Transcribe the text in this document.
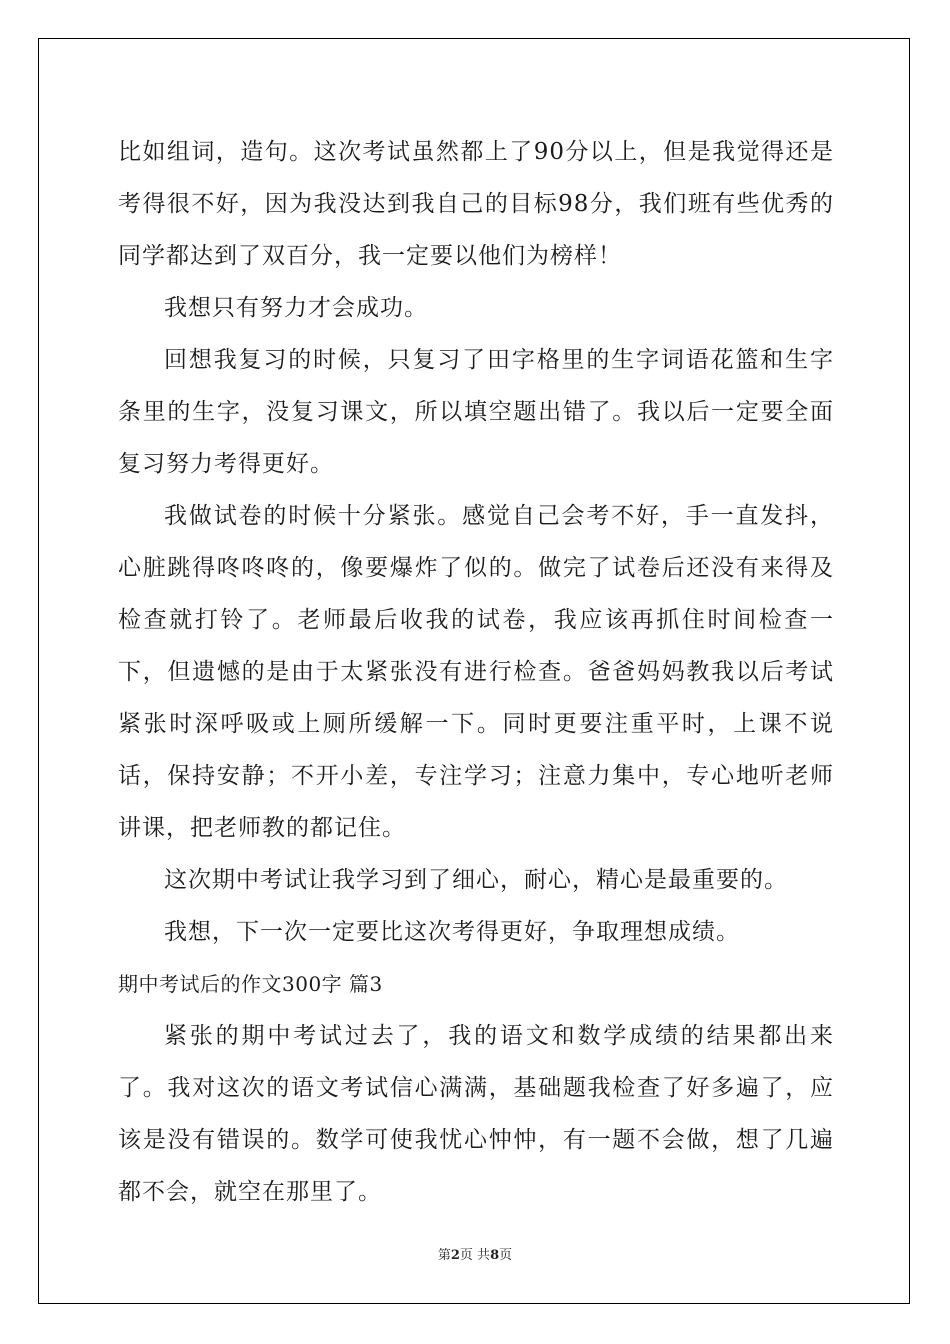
比如组词，造句。这次考试虽然都上了90分以上，但是我觉得还是考得很不好，因为我没达到我自己的目标98分，我们班有些优秀的同学都达到了双百分，我一定要以他们为榜样！

我想只有努力才会成功。

回想我复习的时候，只复习了田字格里的生字词语花篮和生字条里的生字，没复习课文，所以填空题出错了。我以后一定要全面复习努力考得更好。

我做试卷的时候十分紧张。感觉自己会考不好，手一直发抖，心脏跳得咚咚咚的，像要爆炸了似的。做完了试卷后还没有来得及检查就打铃了。老师最后收我的试卷，我应该再抓住时间检查一下，但遗憾的是由于太紧张没有进行检查。爸爸妈妈教我以后考试紧张时深呼吸或上厕所缓解一下。同时更要注重平时，上课不说话，保持安静；不开小差，专注学习；注意力集中，专心地听老师讲课，把老师教的都记住。

这次期中考试让我学习到了细心，耐心，精心是最重要的。

我想，下一次一定要比这次考得更好，争取理想成绩。

期中考试后的作文300字 篇3

紧张的期中考试过去了，我的语文和数学成绩的结果都出来了。我对这次的语文考试信心满满，基础题我检查了好多遍了，应该是没有错误的。数学可使我忧心忡忡，有一题不会做，想了几遍都不会，就空在那里了。

第2页 共8页
